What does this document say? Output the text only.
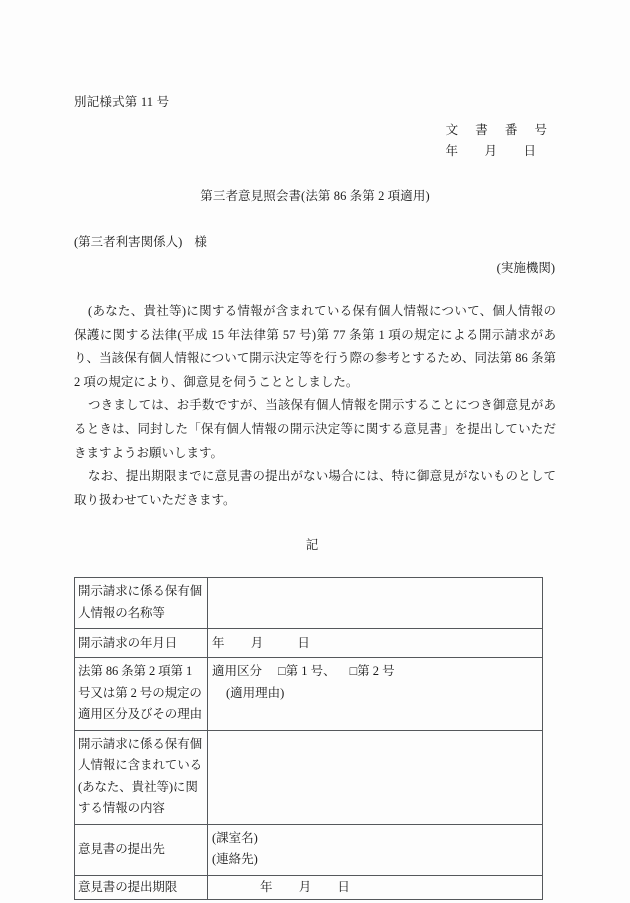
別記様式第 11 号
文 書 番 号
年　月　日
第三者意見照会書(法第 86 条第 2 項適用)
(第三者利害関係人) 様
(実施機関)

(あなた、貴社等)に関する情報が含まれている保有個人情報について、個人情報の保護に関する法律(平成 15 年法律第 57 号)第 77 条第 1 項の規定による開示請求があり、当該保有個人情報について開示決定等を行う際の参考とするため、同法第 86 条第 2 項の規定により、御意見を伺うこととしました。

つきましては、お手数ですが、当該保有個人情報を開示することにつき御意見があるときは、同封した「保有個人情報の開示決定等に関する意見書」を提出していただきますようお願いします。

なお、提出期限までに意見書の提出がない場合には、特に御意見がないものとして取り扱わせていただきます。

記
開示請求に係る保有個人情報の名称等	
開示請求の年月日	年 月 日
法第 86 条第 2 項第 1 号又は第 2 号の規定の適用区分及びその理由	適用区分 □第 1 号、 □第 2 号
(適用理由)

開示請求に係る保有個人情報に含まれている(あなた、貴社等)に関する情報の内容	
意見書の提出先	(課室名)
(連絡先)

意見書の提出期限	年 月 日
